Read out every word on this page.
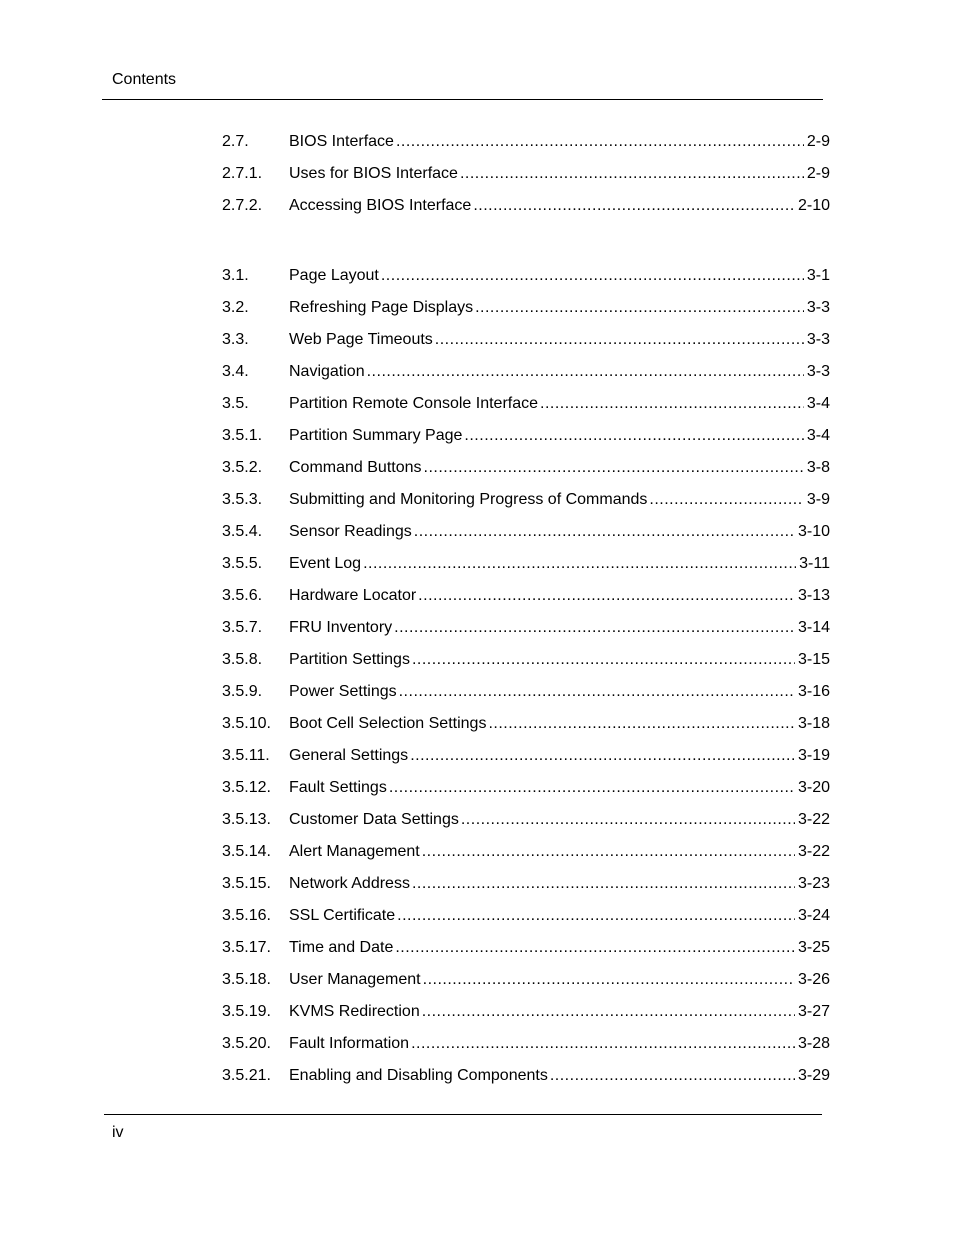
Contents
2.7.	BIOS Interface .....	2-9
2.7.1.	Uses for BIOS Interface .....	2-9
2.7.2.	Accessing BIOS Interface .....	2-10
3.1.	Page Layout .....	3-1
3.2.	Refreshing Page Displays .....	3-3
3.3.	Web Page Timeouts .....	3-3
3.4.	Navigation .....	3-3
3.5.	Partition Remote Console Interface .....	3-4
3.5.1.	Partition Summary Page .....	3-4
3.5.2.	Command Buttons .....	3-8
3.5.3.	Submitting and Monitoring Progress of Commands .....	3-9
3.5.4.	Sensor Readings .....	3-10
3.5.5.	Event Log .....	3-11
3.5.6.	Hardware Locator .....	3-13
3.5.7.	FRU Inventory .....	3-14
3.5.8.	Partition Settings .....	3-15
3.5.9.	Power Settings .....	3-16
3.5.10.	Boot Cell Selection Settings .....	3-18
3.5.11.	General Settings .....	3-19
3.5.12.	Fault Settings .....	3-20
3.5.13.	Customer Data Settings .....	3-22
3.5.14.	Alert Management .....	3-22
3.5.15.	Network Address .....	3-23
3.5.16.	SSL Certificate .....	3-24
3.5.17.	Time and Date .....	3-25
3.5.18.	User Management .....	3-26
3.5.19.	KVMS Redirection .....	3-27
3.5.20.	Fault Information .....	3-28
3.5.21.	Enabling and Disabling Components .....	3-29
iv
